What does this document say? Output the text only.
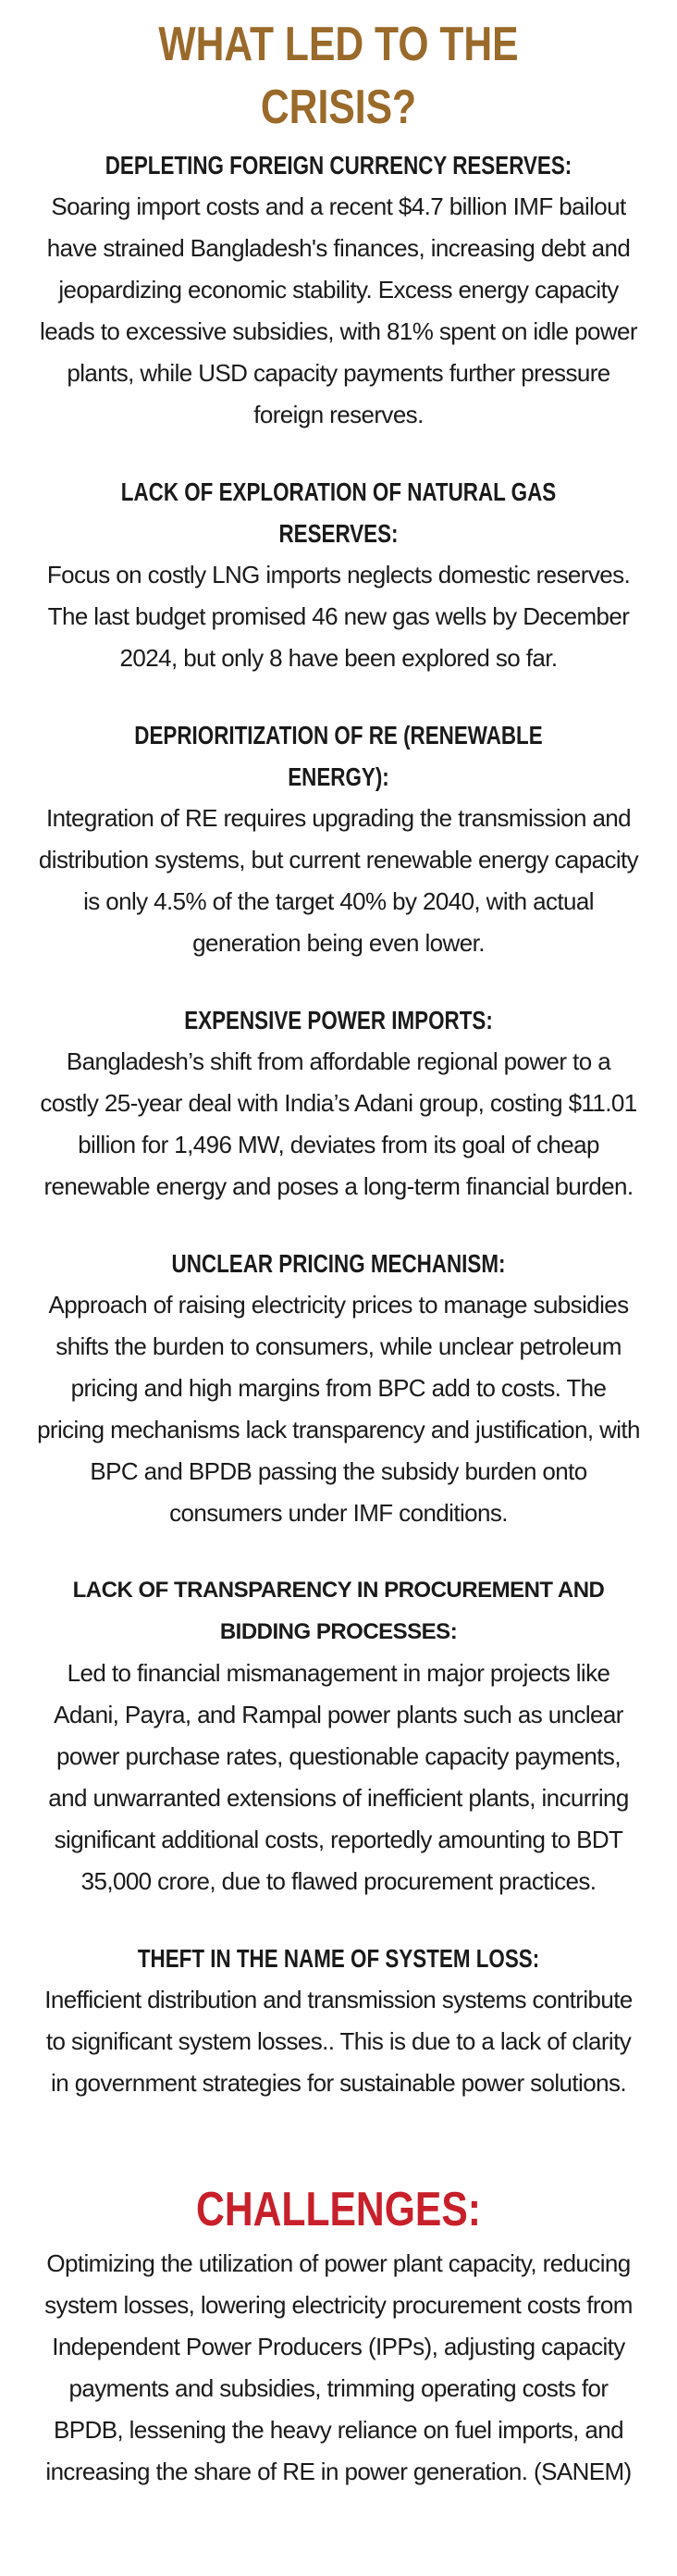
WHAT LED TO THE CRISIS?
DEPLETING FOREIGN CURRENCY RESERVES:

Soaring import costs and a recent $4.7 billion IMF bailout have strained Bangladesh's finances, increasing debt and jeopardizing economic stability. Excess energy capacity leads to excessive subsidies, with 81% spent on idle power plants, while USD capacity payments further pressure foreign reserves.

LACK OF EXPLORATION OF NATURAL GAS RESERVES:

Focus on costly LNG imports neglects domestic reserves. The last budget promised 46 new gas wells by December 2024, but only 8 have been explored so far.

DEPRIORITIZATION OF RE (RENEWABLE ENERGY):

Integration of RE requires upgrading the transmission and distribution systems, but current renewable energy capacity is only 4.5% of the target 40% by 2040, with actual generation being even lower.

EXPENSIVE POWER IMPORTS:

Bangladesh’s shift from affordable regional power to a costly 25-year deal with India’s Adani group, costing $11.01 billion for 1,496 MW, deviates from its goal of cheap renewable energy and poses a long-term financial burden.

UNCLEAR PRICING MECHANISM:

Approach of raising electricity prices to manage subsidies shifts the burden to consumers, while unclear petroleum pricing and high margins from BPC add to costs. The pricing mechanisms lack transparency and justification, with BPC and BPDB passing the subsidy burden onto consumers under IMF conditions.

LACK OF TRANSPARENCY IN PROCUREMENT AND BIDDING PROCESSES:

Led to financial mismanagement in major projects like Adani, Payra, and Rampal power plants such as unclear power purchase rates, questionable capacity payments, and unwarranted extensions of inefficient plants, incurring significant additional costs, reportedly amounting to BDT 35,000 crore, due to flawed procurement practices.

THEFT IN THE NAME OF SYSTEM LOSS:

Inefficient distribution and transmission systems contribute to significant system losses.. This is due to a lack of clarity in government strategies for sustainable power solutions.

CHALLENGES:

Optimizing the utilization of power plant capacity, reducing system losses, lowering electricity procurement costs from Independent Power Producers (IPPs), adjusting capacity payments and subsidies, trimming operating costs for BPDB, lessening the heavy reliance on fuel imports, and increasing the share of RE in power generation. (SANEM)
